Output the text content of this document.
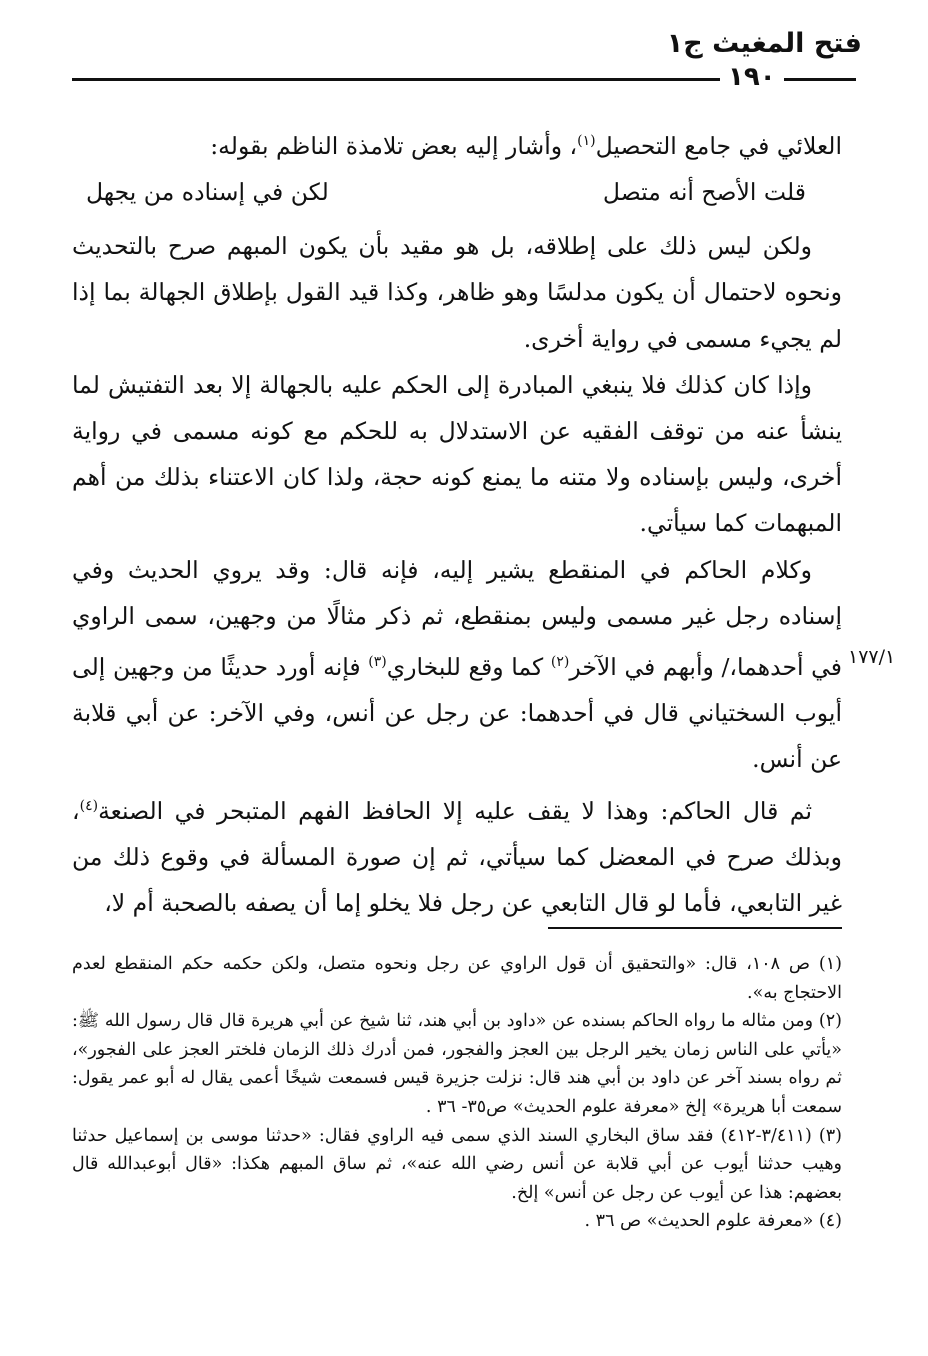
فتح المغيث ج١
١٩٠
١٧٧/١

العلائي في جامع التحصيل$^{(١)}$، وأشار إليه بعض تلامذة الناظم بقوله:

قلت الأصح أنه متصل
لكن في إسناده من يجهل

ولكن ليس ذلك على إطلاقه، بل هو مقيد بأن يكون المبهم صرح بالتحديث ونحوه لاحتمال أن يكون مدلسًا وهو ظاهر، وكذا قيد القول بإطلاق الجهالة بما إذا لم يجيء مسمى في رواية أخرى.

وإذا كان كذلك فلا ينبغي المبادرة إلى الحكم عليه بالجهالة إلا بعد التفتيش لما ينشأ عنه من توقف الفقيه عن الاستدلال به للحكم مع كونه مسمى في رواية أخرى، وليس بإسناده ولا متنه ما يمنع كونه حجة، ولذا كان الاعتناء بذلك من أهم المبهمات كما سيأتي.

وكلام الحاكم في المنقطع يشير إليه، فإنه قال: وقد يروي الحديث وفي إسناده رجل غير مسمى وليس بمنقطع، ثم ذكر مثالًا من وجهين، سمى الراوي في أحدهما،/ وأبهم في الآخر$^{(٢)}$ كما وقع للبخاري$^{(٣)}$ فإنه أورد حديثًا من وجهين إلى أيوب السختياني قال في أحدهما: عن رجل عن أنس، وفي الآخر: عن أبي قلابة عن أنس.

ثم قال الحاكم: وهذا لا يقف عليه إلا الحافظ الفهم المتبحر في الصنعة$^{(٤)}$، وبذلك صرح في المعضل كما سيأتي، ثم إن صورة المسألة في وقوع ذلك من غير التابعي، فأما لو قال التابعي عن رجل فلا يخلو إما أن يصفه بالصحبة أم لا،

(١) ص ١٠٨، قال: «والتحقيق أن قول الراوي عن رجل ونحوه متصل، ولكن حكمه حكم المنقطع لعدم الاحتجاج به».

(٢) ومن مثاله ما رواه الحاكم بسنده عن «داود بن أبي هند، ثنا شيخ عن أبي هريرة قال قال رسول الله ﷺ: «يأتي على الناس زمان يخير الرجل بين العجز والفجور، فمن أدرك ذلك الزمان فلختر العجز على الفجور»، ثم رواه بسند آخر عن داود بن أبي هند قال: نزلت جزيرة قيس فسمعت شيخًا أعمى يقال له أبو عمر يقول: سمعت أبا هريرة» إلخ «معرفة علوم الحديث» ص٣٥- ٣٦ .

(٣) (٣/٤١١-٤١٢) فقد ساق البخاري السند الذي سمى فيه الراوي فقال: «حدثنا موسى بن إسماعيل حدثنا وهيب حدثنا أيوب عن أبي قلابة عن أنس رضي الله عنه»، ثم ساق المبهم هكذا: «قال أبوعبدالله قال بعضهم: هذا عن أيوب عن رجل عن أنس» إلخ.

(٤) «معرفة علوم الحديث» ص ٣٦ .
